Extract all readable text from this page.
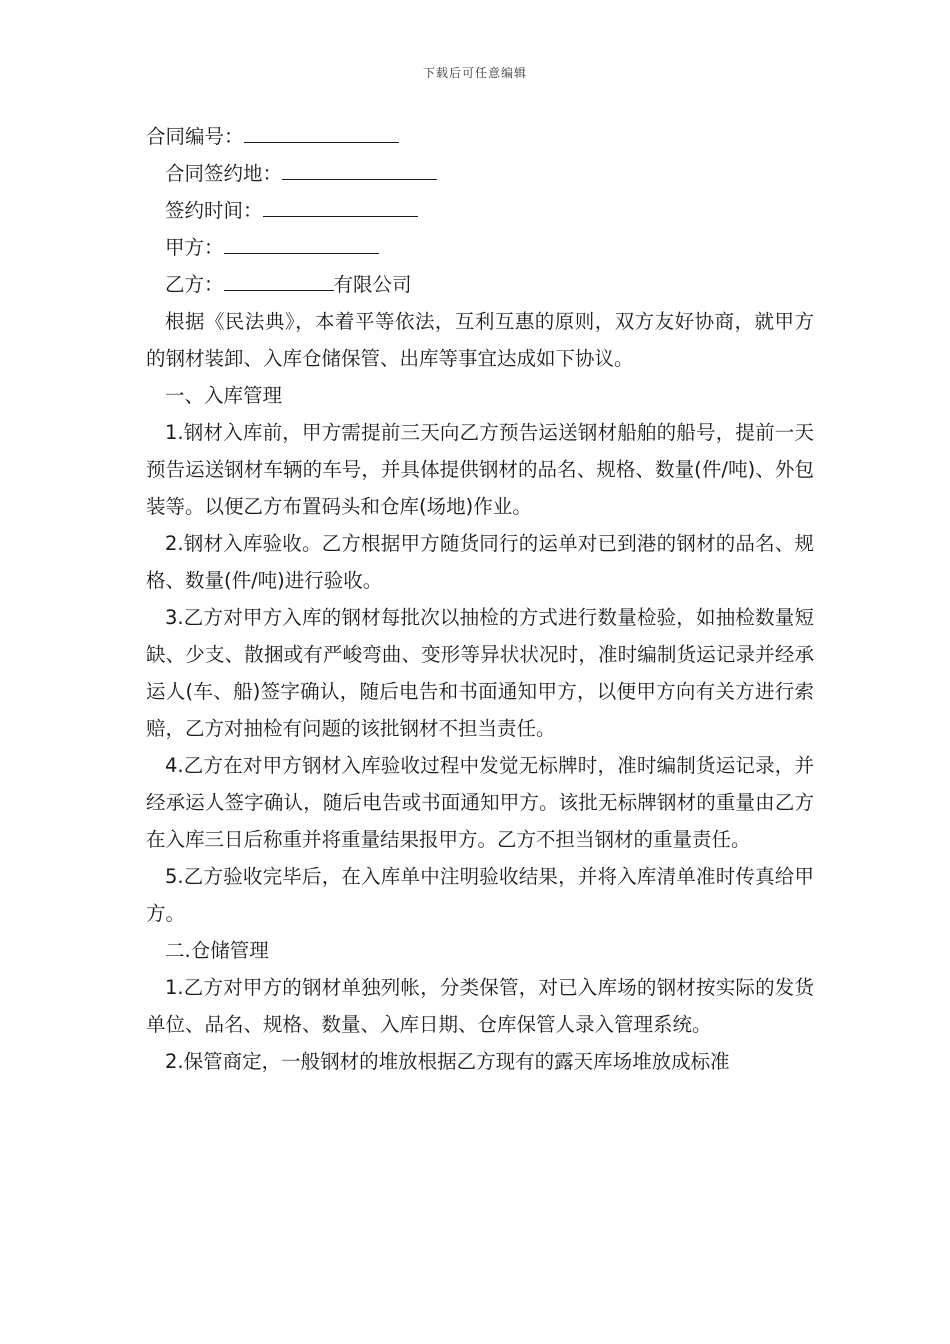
下载后可任意编辑
合同编号：
合同签约地：
签约时间：
甲方：
乙方：	有限公司

根据《民法典》，本着平等依法，互利互惠的原则，双方友好协商，就甲方的钢材装卸、入库仓储保管、出库等事宜达成如下协议。

一、入库管理

1.钢材入库前，甲方需提前三天向乙方预告运送钢材船舶的船号，提前一天预告运送钢材车辆的车号，并具体提供钢材的品名、规格、数量(件/吨)、外包装等。以便乙方布置码头和仓库(场地)作业。

2.钢材入库验收。乙方根据甲方随货同行的运单对已到港的钢材的品名、规格、数量(件/吨)进行验收。

3.乙方对甲方入库的钢材每批次以抽检的方式进行数量检验，如抽检数量短缺、少支、散捆或有严峻弯曲、变形等异状状况时，准时编制货运记录并经承运人(车、船)签字确认，随后电告和书面通知甲方，以便甲方向有关方进行索赔，乙方对抽检有问题的该批钢材不担当责任。

4.乙方在对甲方钢材入库验收过程中发觉无标牌时，准时编制货运记录，并经承运人签字确认，随后电告或书面通知甲方。该批无标牌钢材的重量由乙方在入库三日后称重并将重量结果报甲方。乙方不担当钢材的重量责任。

5.乙方验收完毕后，在入库单中注明验收结果，并将入库清单准时传真给甲方。

二.仓储管理

1.乙方对甲方的钢材单独列帐，分类保管，对已入库场的钢材按实际的发货单位、品名、规格、数量、入库日期、仓库保管人录入管理系统。

2.保管商定，一般钢材的堆放根据乙方现有的露天库场堆放成标准
